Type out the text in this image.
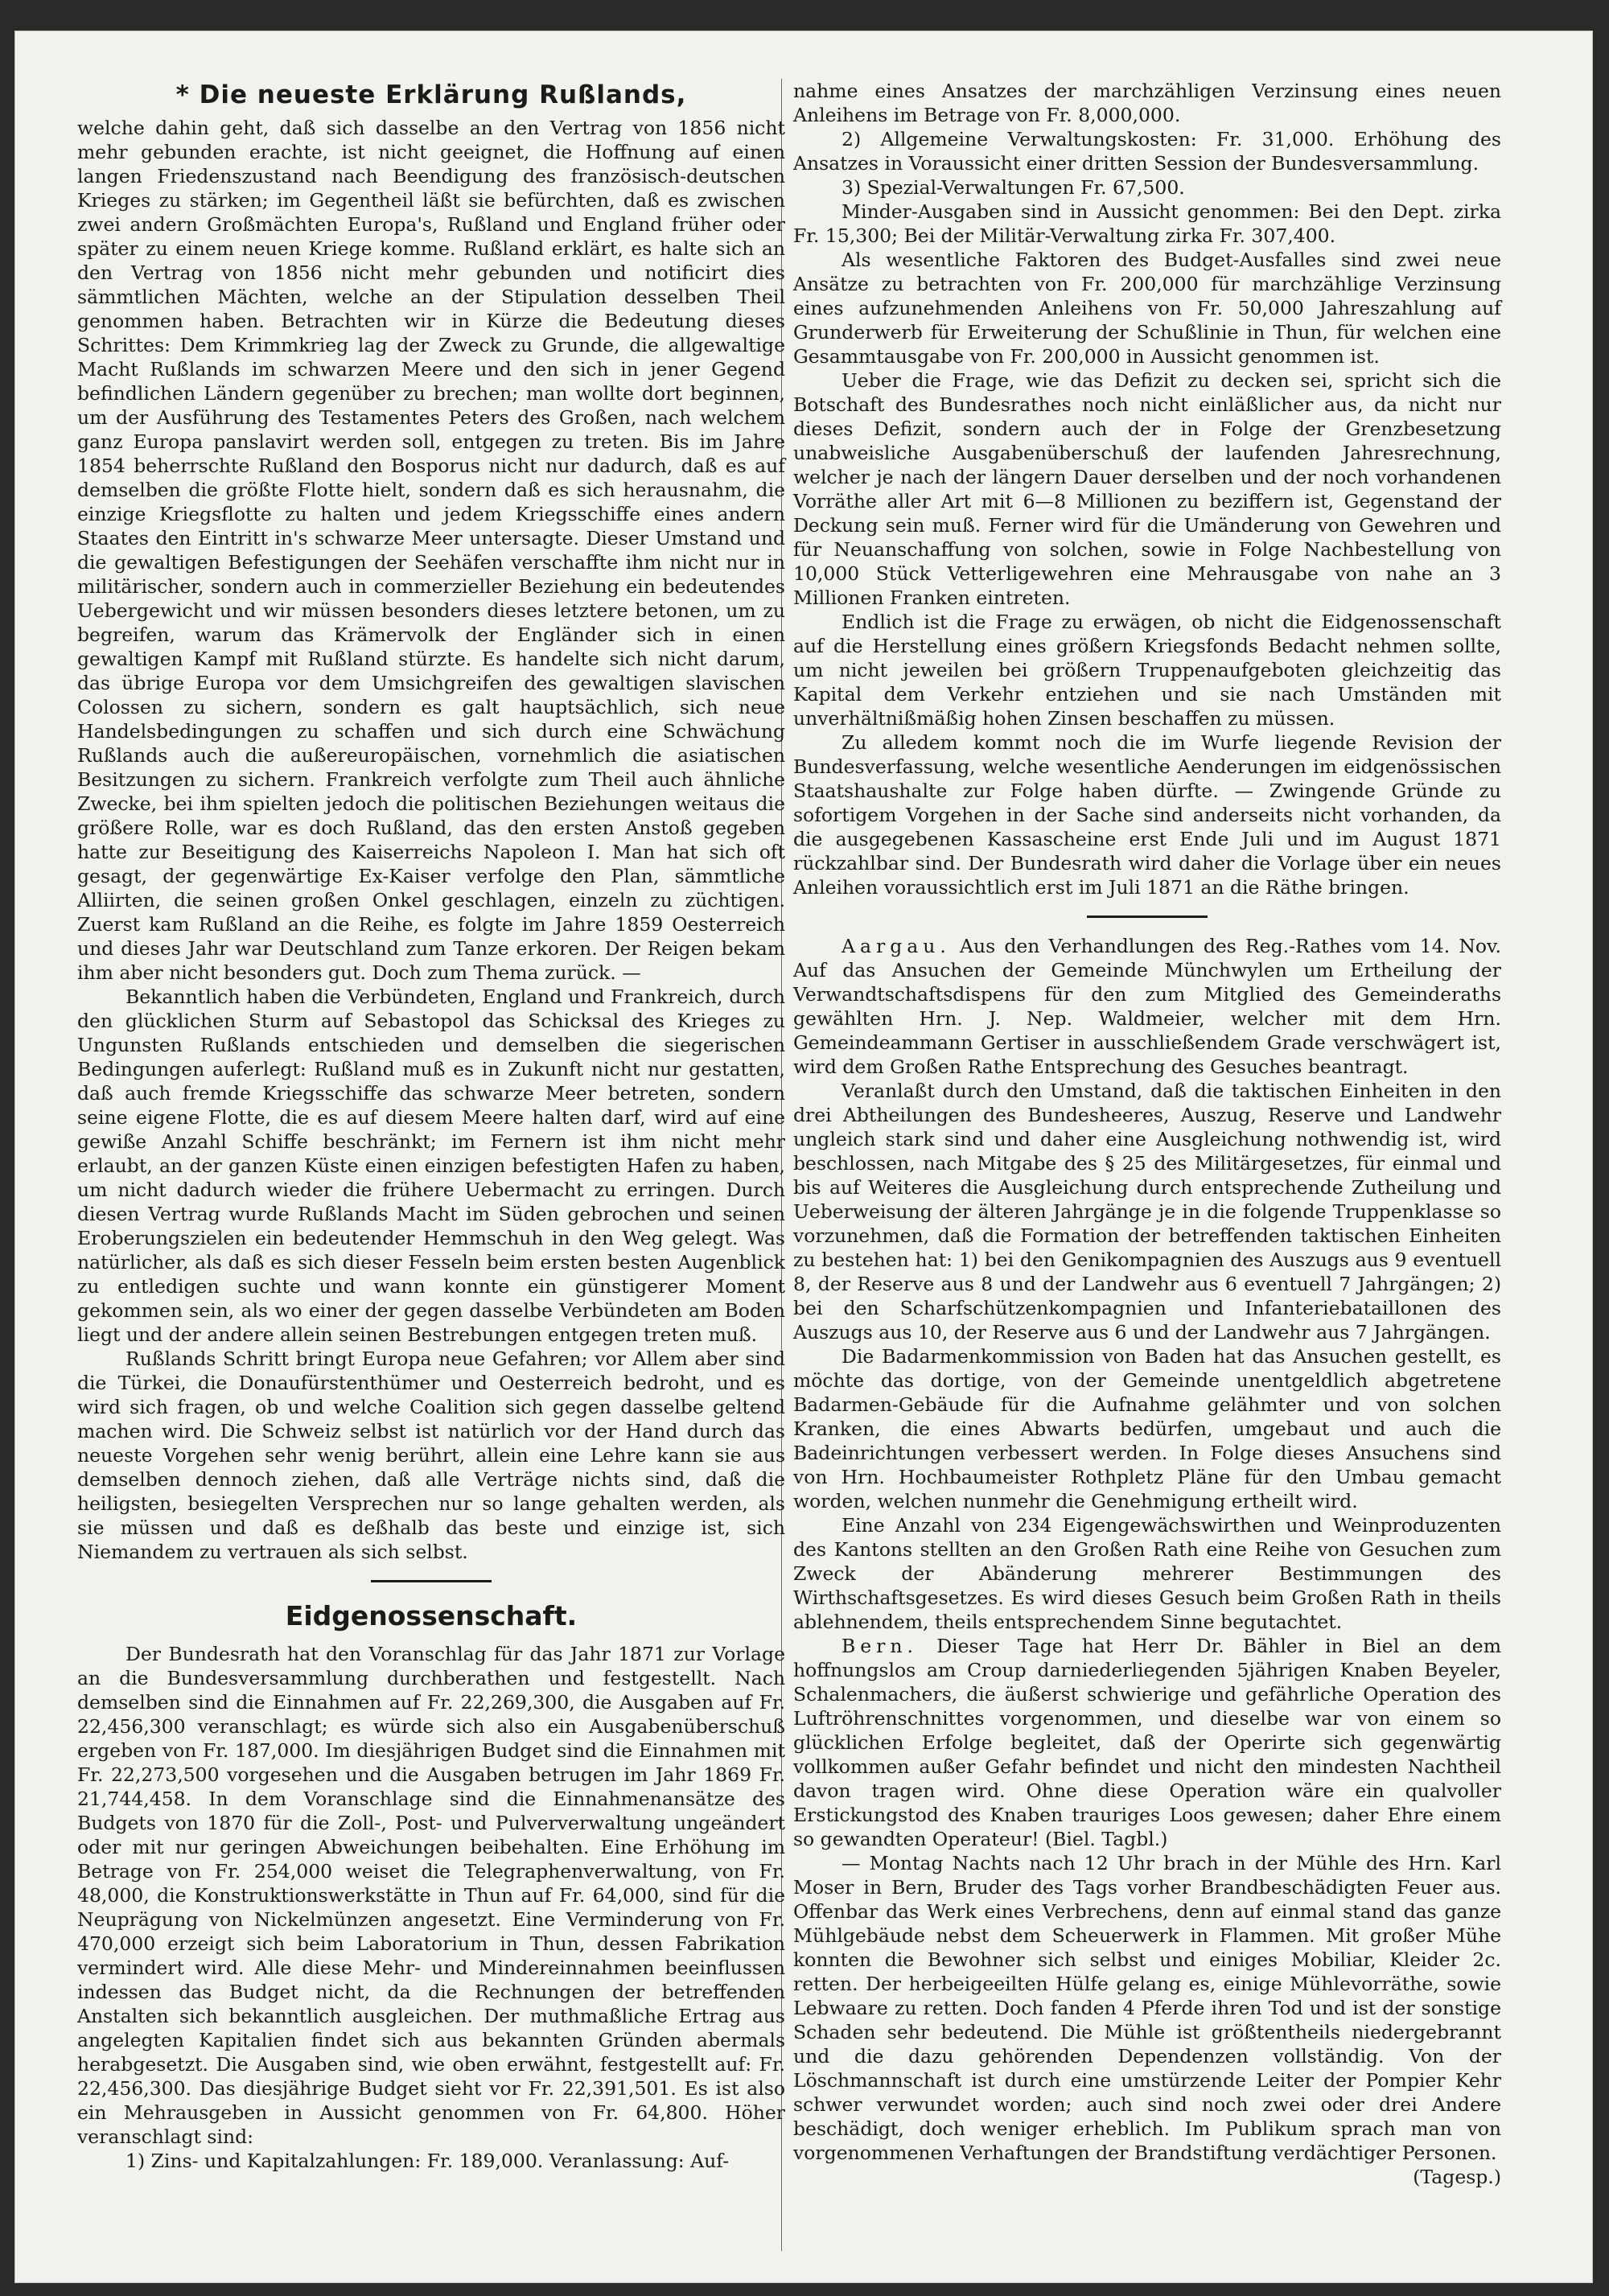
* Die neueste Erklärung Rußlands,

welche dahin geht, daß sich dasselbe an den Vertrag von 1856 nicht mehr gebunden erachte, ist nicht geeignet, die Hoffnung auf einen langen Friedenszustand nach Beendigung des französisch-deutschen Krieges zu stärken; im Gegentheil läßt sie befürchten, daß es zwischen zwei andern Großmächten Europa's, Rußland und England früher oder später zu einem neuen Kriege komme. Rußland erklärt, es halte sich an den Vertrag von 1856 nicht mehr gebunden und notificirt dies sämmtlichen Mächten, welche an der Stipulation desselben Theil genommen haben. Betrachten wir in Kürze die Bedeutung dieses Schrittes: Dem Krimmkrieg lag der Zweck zu Grunde, die allgewaltige Macht Rußlands im schwarzen Meere und den sich in jener Gegend befindlichen Ländern gegenüber zu brechen; man wollte dort beginnen, um der Ausführung des Testamentes Peters des Großen, nach welchem ganz Europa panslavirt werden soll, entgegen zu treten. Bis im Jahre 1854 beherrschte Rußland den Bosporus nicht nur dadurch, daß es auf demselben die größte Flotte hielt, sondern daß es sich herausnahm, die einzige Kriegsflotte zu halten und jedem Kriegsschiffe eines andern Staates den Eintritt in's schwarze Meer untersagte. Dieser Umstand und die gewaltigen Befestigungen der Seehäfen verschaffte ihm nicht nur in militärischer, sondern auch in commerzieller Beziehung ein bedeutendes Uebergewicht und wir müssen besonders dieses letztere betonen, um zu begreifen, warum das Krämervolk der Engländer sich in einen gewaltigen Kampf mit Rußland stürzte. Es handelte sich nicht darum, das übrige Europa vor dem Umsichgreifen des gewaltigen slavischen Colossen zu sichern, sondern es galt hauptsächlich, sich neue Handelsbedingungen zu schaffen und sich durch eine Schwächung Rußlands auch die außereuropäischen, vornehmlich die asiatischen Besitzungen zu sichern. Frankreich verfolgte zum Theil auch ähnliche Zwecke, bei ihm spielten jedoch die politischen Beziehungen weitaus die größere Rolle, war es doch Rußland, das den ersten Anstoß gegeben hatte zur Beseitigung des Kaiserreichs Napoleon I. Man hat sich oft gesagt, der gegenwärtige Ex-Kaiser verfolge den Plan, sämmtliche Alliirten, die seinen großen Onkel geschlagen, einzeln zu züchtigen. Zuerst kam Rußland an die Reihe, es folgte im Jahre 1859 Oesterreich und dieses Jahr war Deutschland zum Tanze erkoren. Der Reigen bekam ihm aber nicht besonders gut. Doch zum Thema zurück. —

Bekanntlich haben die Verbündeten, England und Frankreich, durch den glücklichen Sturm auf Sebastopol das Schicksal des Krieges zu Ungunsten Rußlands entschieden und demselben die siegerischen Bedingungen auferlegt: Rußland muß es in Zukunft nicht nur gestatten, daß auch fremde Kriegsschiffe das schwarze Meer betreten, sondern seine eigene Flotte, die es auf diesem Meere halten darf, wird auf eine gewiße Anzahl Schiffe beschränkt; im Fernern ist ihm nicht mehr erlaubt, an der ganzen Küste einen einzigen befestigten Hafen zu haben, um nicht dadurch wieder die frühere Uebermacht zu erringen. Durch diesen Vertrag wurde Rußlands Macht im Süden gebrochen und seinen Eroberungszielen ein bedeutender Hemmschuh in den Weg gelegt. Was natürlicher, als daß es sich dieser Fesseln beim ersten besten Augenblick zu entledigen suchte und wann konnte ein günstigerer Moment gekommen sein, als wo einer der gegen dasselbe Verbündeten am Boden liegt und der andere allein seinen Bestrebungen entgegen treten muß.

Rußlands Schritt bringt Europa neue Gefahren; vor Allem aber sind die Türkei, die Donaufürstenthümer und Oesterreich bedroht, und es wird sich fragen, ob und welche Coalition sich gegen dasselbe geltend machen wird. Die Schweiz selbst ist natürlich vor der Hand durch das neueste Vorgehen sehr wenig berührt, allein eine Lehre kann sie aus demselben dennoch ziehen, daß alle Verträge nichts sind, daß die heiligsten, besiegelten Versprechen nur so lange gehalten werden, als sie müssen und daß es deßhalb das beste und einzige ist, sich Niemandem zu vertrauen als sich selbst.

Eidgenossenschaft.

Der Bundesrath hat den Voranschlag für das Jahr 1871 zur Vorlage an die Bundesversammlung durchberathen und festgestellt. Nach demselben sind die Einnahmen auf Fr. 22,269,300, die Ausgaben auf Fr. 22,456,300 veranschlagt; es würde sich also ein Ausgabenüberschuß ergeben von Fr. 187,000. Im diesjährigen Budget sind die Einnahmen mit Fr. 22,273,500 vorgesehen und die Ausgaben betrugen im Jahr 1869 Fr. 21,744,458. In dem Voranschlage sind die Einnahmenansätze des Budgets von 1870 für die Zoll-, Post- und Pulververwaltung ungeändert oder mit nur geringen Abweichungen beibehalten. Eine Erhöhung im Betrage von Fr. 254,000 weiset die Telegraphenverwaltung, von Fr. 48,000, die Konstruktionswerkstätte in Thun auf Fr. 64,000, sind für die Neuprägung von Nickelmünzen angesetzt. Eine Verminderung von Fr. 470,000 erzeigt sich beim Laboratorium in Thun, dessen Fabrikation vermindert wird. Alle diese Mehr- und Mindereinnahmen beeinflussen indessen das Budget nicht, da die Rechnungen der betreffenden Anstalten sich bekanntlich ausgleichen. Der muthmaßliche Ertrag aus angelegten Kapitalien findet sich aus bekannten Gründen abermals herabgesetzt. Die Ausgaben sind, wie oben erwähnt, festgestellt auf: Fr. 22,456,300. Das diesjährige Budget sieht vor Fr. 22,391,501. Es ist also ein Mehrausgeben in Aussicht genommen von Fr. 64,800. Höher veranschlagt sind:

1) Zins- und Kapitalzahlungen: Fr. 189,000. Veranlassung: Auf-

nahme eines Ansatzes der marchzähligen Verzinsung eines neuen Anleihens im Betrage von Fr. 8,000,000.

2) Allgemeine Verwaltungskosten: Fr. 31,000. Erhöhung des Ansatzes in Voraussicht einer dritten Session der Bundesversammlung.

3) Spezial-Verwaltungen Fr. 67,500.

Minder-Ausgaben sind in Aussicht genommen: Bei den Dept. zirka Fr. 15,300; Bei der Militär-Verwaltung zirka Fr. 307,400.

Als wesentliche Faktoren des Budget-Ausfalles sind zwei neue Ansätze zu betrachten von Fr. 200,000 für marchzählige Verzinsung eines aufzunehmenden Anleihens von Fr. 50,000 Jahreszahlung auf Grunderwerb für Erweiterung der Schußlinie in Thun, für welchen eine Gesammtausgabe von Fr. 200,000 in Aussicht genommen ist.

Ueber die Frage, wie das Defizit zu decken sei, spricht sich die Botschaft des Bundesrathes noch nicht einläßlicher aus, da nicht nur dieses Defizit, sondern auch der in Folge der Grenzbesetzung unabweisliche Ausgabenüberschuß der laufenden Jahresrechnung, welcher je nach der längern Dauer derselben und der noch vorhandenen Vorräthe aller Art mit 6—8 Millionen zu beziffern ist, Gegenstand der Deckung sein muß. Ferner wird für die Umänderung von Gewehren und für Neuanschaffung von solchen, sowie in Folge Nachbestellung von 10,000 Stück Vetterligewehren eine Mehrausgabe von nahe an 3 Millionen Franken eintreten.

Endlich ist die Frage zu erwägen, ob nicht die Eidgenossenschaft auf die Herstellung eines größern Kriegsfonds Bedacht nehmen sollte, um nicht jeweilen bei größern Truppenaufgeboten gleichzeitig das Kapital dem Verkehr entziehen und sie nach Umständen mit unverhältnißmäßig hohen Zinsen beschaffen zu müssen.

Zu alledem kommt noch die im Wurfe liegende Revision der Bundesverfassung, welche wesentliche Aenderungen im eidgenössischen Staatshaushalte zur Folge haben dürfte. — Zwingende Gründe zu sofortigem Vorgehen in der Sache sind anderseits nicht vorhanden, da die ausgegebenen Kassascheine erst Ende Juli und im August 1871 rückzahlbar sind. Der Bundesrath wird daher die Vorlage über ein neues Anleihen voraussichtlich erst im Juli 1871 an die Räthe bringen.

Aargau. Aus den Verhandlungen des Reg.-Rathes vom 14. Nov. Auf das Ansuchen der Gemeinde Münchwylen um Ertheilung der Verwandtschaftsdispens für den zum Mitglied des Gemeinderaths gewählten Hrn. J. Nep. Waldmeier, welcher mit dem Hrn. Gemeindeammann Gertiser in ausschließendem Grade verschwägert ist, wird dem Großen Rathe Entsprechung des Gesuches beantragt.

Veranlaßt durch den Umstand, daß die taktischen Einheiten in den drei Abtheilungen des Bundesheeres, Auszug, Reserve und Landwehr ungleich stark sind und daher eine Ausgleichung nothwendig ist, wird beschlossen, nach Mitgabe des § 25 des Militärgesetzes, für einmal und bis auf Weiteres die Ausgleichung durch entsprechende Zutheilung und Ueberweisung der älteren Jahrgänge je in die folgende Truppenklasse so vorzunehmen, daß die Formation der betreffenden taktischen Einheiten zu bestehen hat: 1) bei den Genikompagnien des Auszugs aus 9 eventuell 8, der Reserve aus 8 und der Landwehr aus 6 eventuell 7 Jahrgängen; 2) bei den Scharfschützenkompagnien und Infanteriebataillonen des Auszugs aus 10, der Reserve aus 6 und der Landwehr aus 7 Jahrgängen.

Die Badarmenkommission von Baden hat das Ansuchen gestellt, es möchte das dortige, von der Gemeinde unentgeldlich abgetretene Badarmen-Gebäude für die Aufnahme gelähmter und von solchen Kranken, die eines Abwarts bedürfen, umgebaut und auch die Badeinrichtungen verbessert werden. In Folge dieses Ansuchens sind von Hrn. Hochbaumeister Rothpletz Pläne für den Umbau gemacht worden, welchen nunmehr die Genehmigung ertheilt wird.

Eine Anzahl von 234 Eigengewächswirthen und Weinproduzenten des Kantons stellten an den Großen Rath eine Reihe von Gesuchen zum Zweck der Abänderung mehrerer Bestimmungen des Wirthschaftsgesetzes. Es wird dieses Gesuch beim Großen Rath in theils ablehnendem, theils entsprechendem Sinne begutachtet.

Bern. Dieser Tage hat Herr Dr. Bähler in Biel an dem hoffnungslos am Croup darniederliegenden 5jährigen Knaben Beyeler, Schalenmachers, die äußerst schwierige und gefährliche Operation des Luftröhrenschnittes vorgenommen, und dieselbe war von einem so glücklichen Erfolge begleitet, daß der Operirte sich gegenwärtig vollkommen außer Gefahr befindet und nicht den mindesten Nachtheil davon tragen wird. Ohne diese Operation wäre ein qualvoller Erstickungstod des Knaben trauriges Loos gewesen; daher Ehre einem so gewandten Operateur! (Biel. Tagbl.)

— Montag Nachts nach 12 Uhr brach in der Mühle des Hrn. Karl Moser in Bern, Bruder des Tags vorher Brandbeschädigten Feuer aus. Offenbar das Werk eines Verbrechens, denn auf einmal stand das ganze Mühlgebäude nebst dem Scheuerwerk in Flammen. Mit großer Mühe konnten die Bewohner sich selbst und einiges Mobiliar, Kleider 2c. retten. Der herbeigeeilten Hülfe gelang es, einige Mühlevorräthe, sowie Lebwaare zu retten. Doch fanden 4 Pferde ihren Tod und ist der sonstige Schaden sehr bedeutend. Die Mühle ist größtentheils niedergebrannt und die dazu gehörenden Dependenzen vollständig. Von der Löschmannschaft ist durch eine umstürzende Leiter der Pompier Kehr schwer verwundet worden; auch sind noch zwei oder drei Andere beschädigt, doch weniger erheblich. Im Publikum sprach man von vorgenommenen Verhaftungen der Brandstiftung verdächtiger Personen.
(Tagesp.)
